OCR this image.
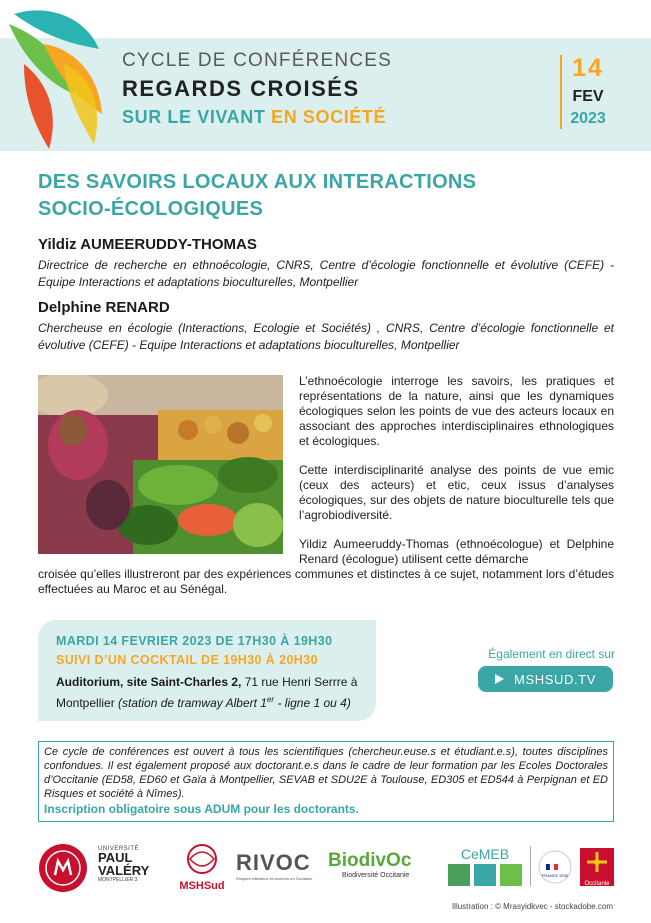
CYCLE DE CONFÉRENCES
REGARDS CROISÉS
SUR LE VIVANT EN SOCIÉTÉ
14
FEV
2023
DES SAVOIRS LOCAUX AUX INTERACTIONS
SOCIO-ÉCOLOGIQUES
Yildiz AUMEERUDDY-THOMAS
Directrice de recherche en ethnoécologie, CNRS, Centre d’écologie fonctionnelle et évolutive (CEFE) - Equipe Interactions et adaptations bioculturelles, Montpellier
Delphine RENARD
Chercheuse en écologie (Interactions, Ecologie et Sociétés) , CNRS, Centre d’écologie fonctionnelle et évolutive (CEFE) - Equipe Interactions et adaptations bioculturelles, Montpellier
L’ethnoécologie interroge les savoirs, les pratiques et représentations de la nature, ainsi que les dynamiques écologiques selon les points de vue des acteurs locaux en associant des approches interdisciplinaires ethnologiques et écologiques.
Cette interdisciplinarité analyse des points de vue emic (ceux des acteurs) et etic, ceux issus d’analyses écologiques, sur des objets de nature bioculturelle tels que l’agrobiodiversité.
Yildiz Aumeeruddy-Thomas (ethnoécologue) et Delphine Renard (écologue) utilisent cette démarche
croisée qu’elles illustreront par des expériences communes et distinctes à ce sujet, notamment lors d’études effectuées au Maroc et au Sénégal.
MARDI 14 FEVRIER 2023 DE 17H30 À 19H30
SUIVI D’UN COCKTAIL DE 19H30 À 20H30
Auditorium, site Saint-Charles 2, 71 rue Henri Serrre à Montpellier (station de tramway Albert 1er - ligne 1 ou 4)
Également en direct sur
MSHSUD.TV
Ce cycle de conférences est ouvert à tous les scientifiques (chercheur.euse.s et étudiant.e.s), toutes disciplines confondues. Il est également proposé aux doctorant.e.s dans le cadre de leur formation par les Ecoles Doctorales d’Occitanie (ED58, ED60 et Gaïa à Montpellier, SEVAB et SDU2E à Toulouse, ED305 et ED544 à Perpignan et ED Risques et société à Nîmes).
Inscription obligatoire sous ADUM pour les doctorants.
UNIVERSITÉ
PAUL
VALÉRY
MONTPELLIER 3	MSHSud
RIVOC
Risques infectieux et vecteurs en Occitanie
BiodivOc
Biodiversité Occitanie
CeMEB
FRANCE 2030
Occitanie
Illustration : © Mrasyidkvec - stockadobe.com
